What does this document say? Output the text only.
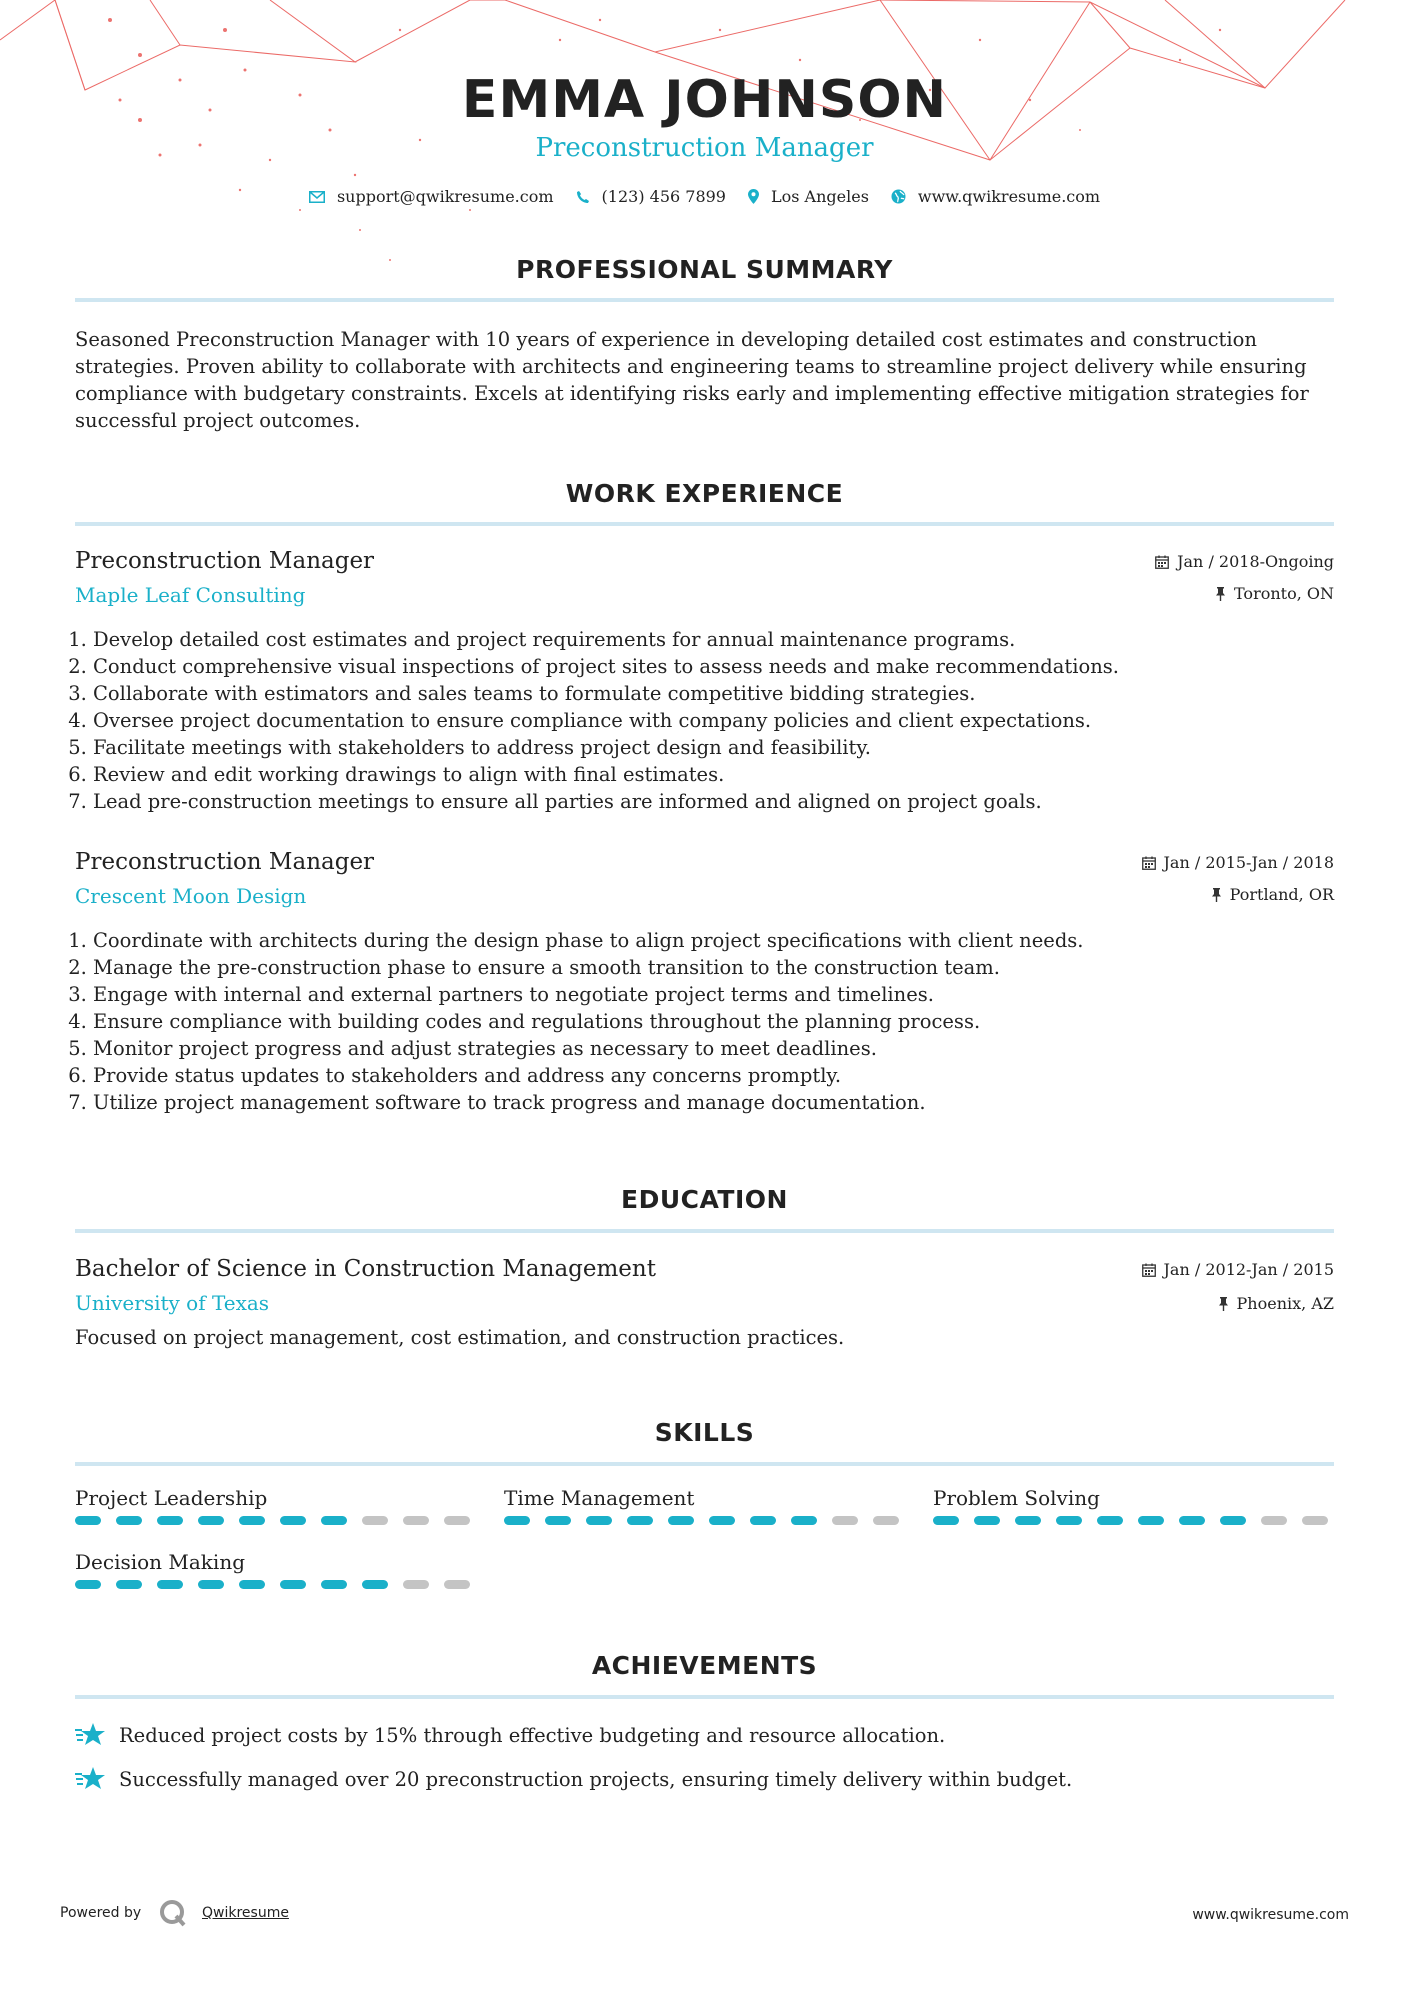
EMMA JOHNSON
Preconstruction Manager
support@qwikresume.com	(123) 456 7899	Los Angeles	www.qwikresume.com
PROFESSIONAL SUMMARY

Seasoned Preconstruction Manager with 10 years of experience in developing detailed cost estimates and construction strategies. Proven ability to collaborate with architects and engineering teams to streamline project delivery while ensuring compliance with budgetary constraints. Excels at identifying risks early and implementing effective mitigation strategies for successful project outcomes.

WORK EXPERIENCE
Preconstruction Manager
Maple Leaf Consulting
Jan / 2018-Ongoing
Toronto, ON
1. Develop detailed cost estimates and project requirements for annual maintenance programs.
2. Conduct comprehensive visual inspections of project sites to assess needs and make recommendations.
3. Collaborate with estimators and sales teams to formulate competitive bidding strategies.
4. Oversee project documentation to ensure compliance with company policies and client expectations.
5. Facilitate meetings with stakeholders to address project design and feasibility.
6. Review and edit working drawings to align with final estimates.
7. Lead pre-construction meetings to ensure all parties are informed and aligned on project goals.
Preconstruction Manager
Crescent Moon Design
Jan / 2015-Jan / 2018
Portland, OR
1. Coordinate with architects during the design phase to align project specifications with client needs.
2. Manage the pre-construction phase to ensure a smooth transition to the construction team.
3. Engage with internal and external partners to negotiate project terms and timelines.
4. Ensure compliance with building codes and regulations throughout the planning process.
5. Monitor project progress and adjust strategies as necessary to meet deadlines.
6. Provide status updates to stakeholders and address any concerns promptly.
7. Utilize project management software to track progress and manage documentation.
EDUCATION
Bachelor of Science in Construction Management
University of Texas
Jan / 2012-Jan / 2015
Phoenix, AZ
Focused on project management, cost estimation, and construction practices.
SKILLS
Project Leadership	Time Management	Problem Solving
Decision Making
ACHIEVEMENTS
Reduced project costs by 15% through effective budgeting and resource allocation.
Successfully managed over 20 preconstruction projects, ensuring timely delivery within budget.
Powered by	Qwikresume	www.qwikresume.com
